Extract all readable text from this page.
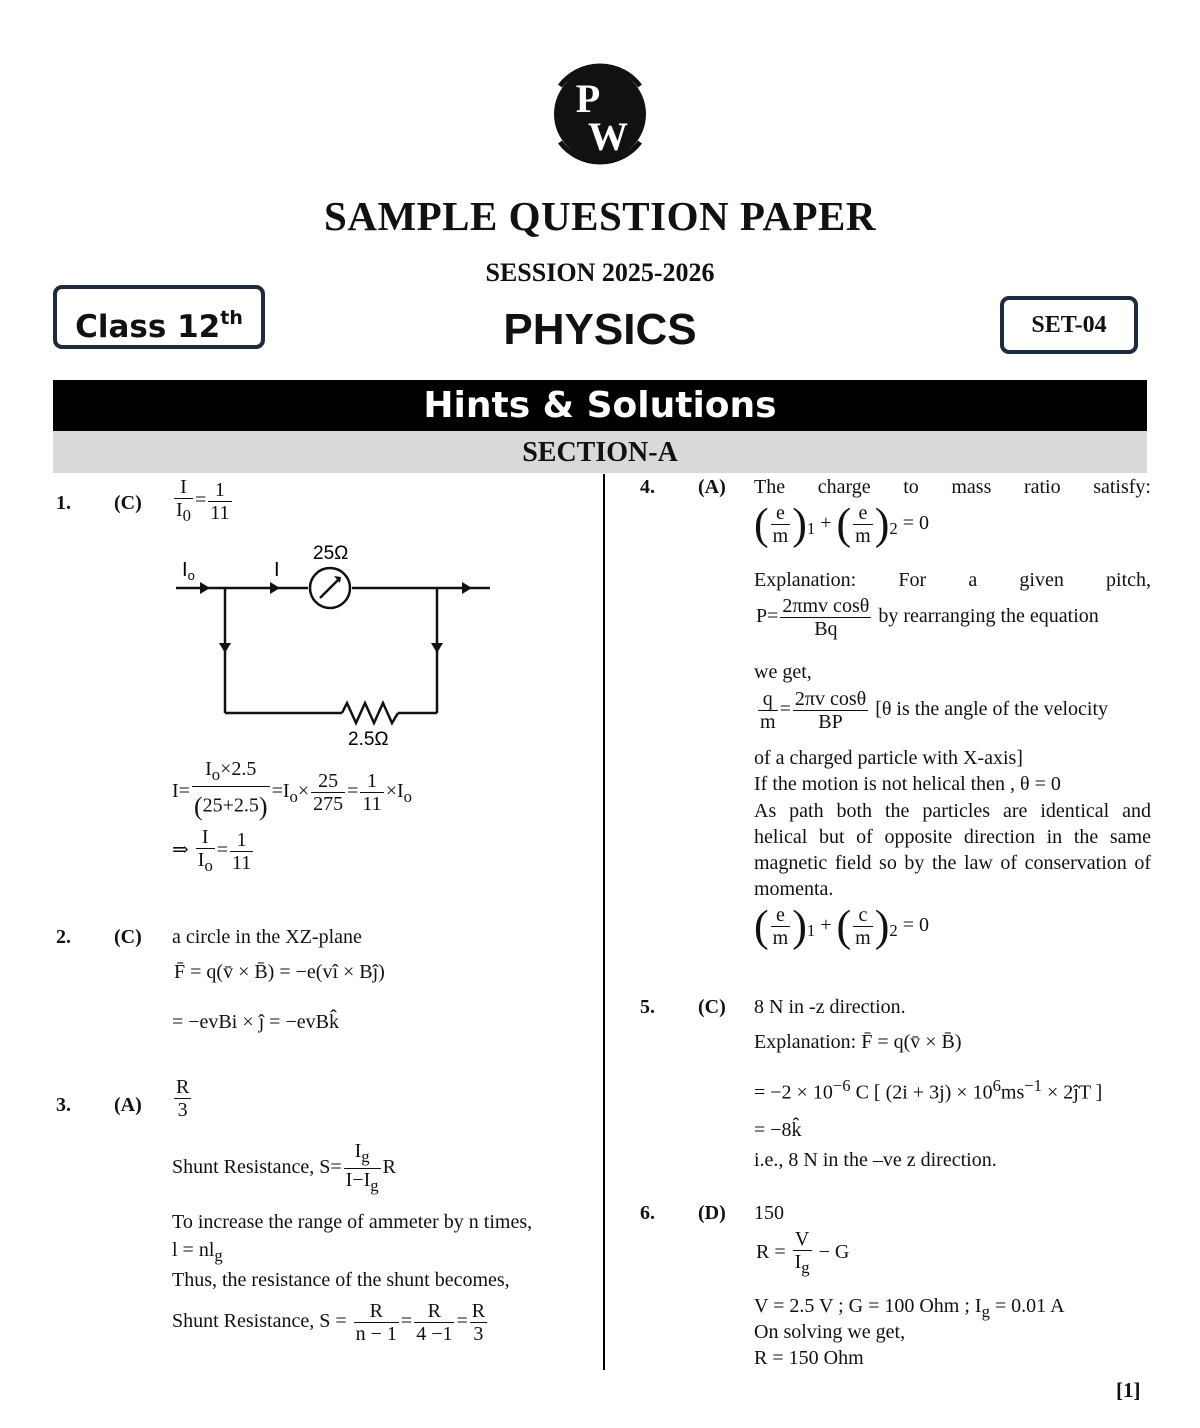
P
W
SAMPLE QUESTION PAPER
SESSION 2025-2026
PHYSICS
Class 12th	SET-04
Hints & Solutions
SECTION-A
1. $(C) \frac{I}{I_0} = \frac{1}{11}$
$I_o$	I
25Ω
2.5Ω
$I= \frac{I_o\times 2.5}{(25+2.5)} =I_o\times \frac{25}{275} = \frac{1}{11} \times I_o$
⇒ $\frac{I}{I_o} = \frac{1}{11}$
2. (C) a circle in the XZ-plane
F̄ = q(v̄ × B̄) = −e(vî × Bĵ)
= −evBi × ĵ = −evBk̂
3. $(A) \frac{R}{3}$
Shunt Resistance, $S= \frac{I_g}{I-I_g}$ R
To increase the range of ammeter by n times,
$l = nl_g$
Thus, the resistance of the shunt becomes,
Shunt Resistance, $S = \frac{R}{n - 1} = \frac{R}{4 -1} = \frac{R}{3}$
4. (A) The charge to mass ratio satisfy:
( $\frac{e}{m} )_1$ + ( $\frac{e}{m} )_2 = 0$
Explanation: For a given pitch,
$P= \frac{\text{2πmv cosθ}}{Bq}$ by rearranging the equation
we get,
$\frac{q}{m} = \frac{\text{2πv cosθ}}{BP} [\theta$ is the angle of the velocity
of a charged particle with X-axis]
If the motion is not helical then , θ = 0
As path both the particles are identical and helical but of opposite direction in the same magnetic field so by the law of conservation of momenta.
( $\frac{e}{m} )_1$ + ( $\frac{c}{m} )_2 = 0$
5. (C) 8 N in -z direction.
Explanation: F̄ = q(v̄ × B̄)
= $-2 \times 10^{-6}$ C [ $(2i + 3j) \times 10^6ms^{-1}$ × 2ĵT ]
= −8k̂
i.e., 8 N in the –ve z direction.
6. (D) 150
$R = \frac{V}{I_g} - G$
V = 2.5 V ; G = 100 Ohm ; $I_g = 0.01$ A
On solving we get,
R = 150 Ohm
[1]
